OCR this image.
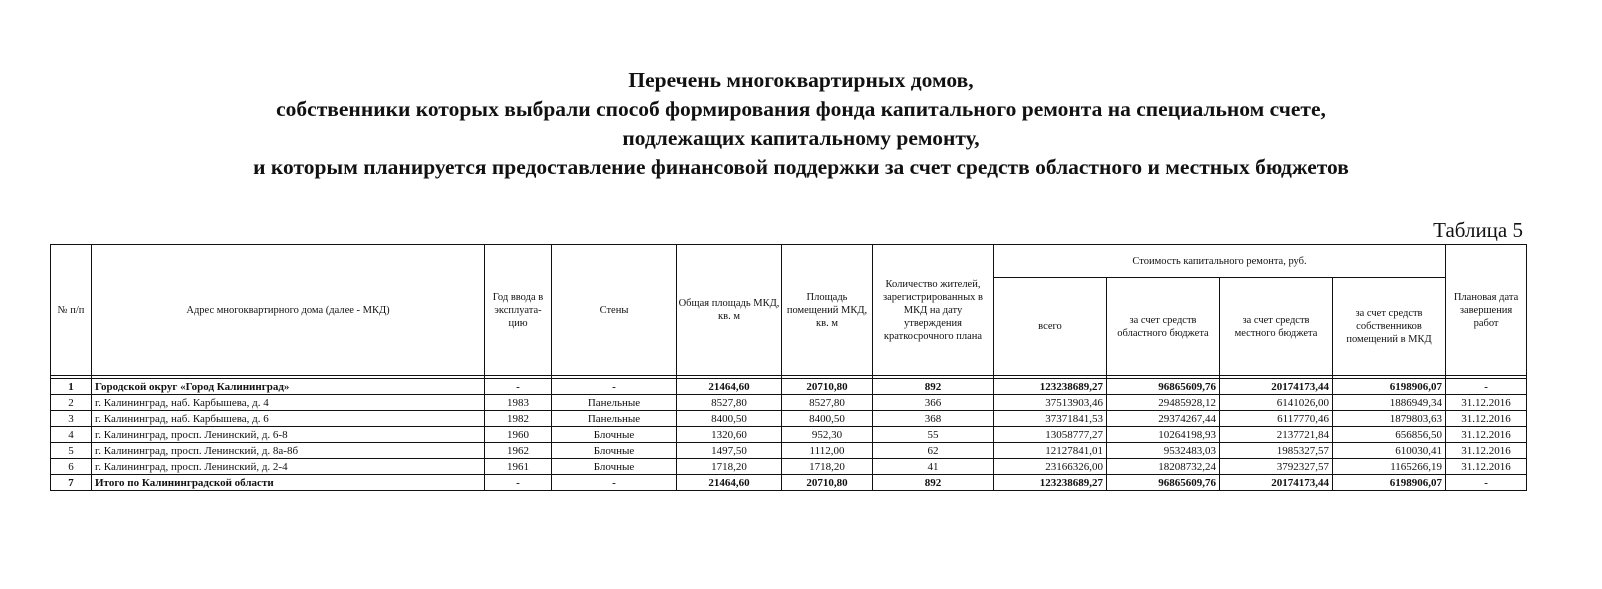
Перечень многоквартирных домов,
собственники которых выбрали способ формирования фонда капитального ремонта на специальном счете,
подлежащих капитальному ремонту,
и которым планируется предоставление финансовой поддержки за счет средств областного и местных бюджетов
Таблица 5
№ п/п	Адрес многоквартирного дома (далее - МКД)	Год ввода в эксплуата-цию	Стены	Общая площадь МКД, кв. м	Площадь помещений МКД, кв. м	Количество жителей, зарегистрированных в МКД на дату утверждения краткосрочного плана	Стоимость капитального ремонта, руб.				Плановая дата завершения работ
							всего	за счет средств областного бюджета	за счет средств местного бюджета	за счет средств собственников помещений в МКД	

1	Городской округ «Город Калининград»	-	-	21464,60	20710,80	892	123238689,27	96865609,76	20174173,44	6198906,07	-
2	г. Калининград, наб. Карбышева, д. 4	1983	Панельные	8527,80	8527,80	366	37513903,46	29485928,12	6141026,00	1886949,34	31.12.2016
3	г. Калининград, наб. Карбышева, д. 6	1982	Панельные	8400,50	8400,50	368	37371841,53	29374267,44	6117770,46	1879803,63	31.12.2016
4	г. Калининград, просп. Ленинский, д. 6-8	1960	Блочные	1320,60	952,30	55	13058777,27	10264198,93	2137721,84	656856,50	31.12.2016
5	г. Калининград, просп. Ленинский, д. 8а-8б	1962	Блочные	1497,50	1112,00	62	12127841,01	9532483,03	1985327,57	610030,41	31.12.2016
6	г. Калининград, просп. Ленинский, д. 2-4	1961	Блочные	1718,20	1718,20	41	23166326,00	18208732,24	3792327,57	1165266,19	31.12.2016
7	Итого по Калининградской области	-	-	21464,60	20710,80	892	123238689,27	96865609,76	20174173,44	6198906,07	-
